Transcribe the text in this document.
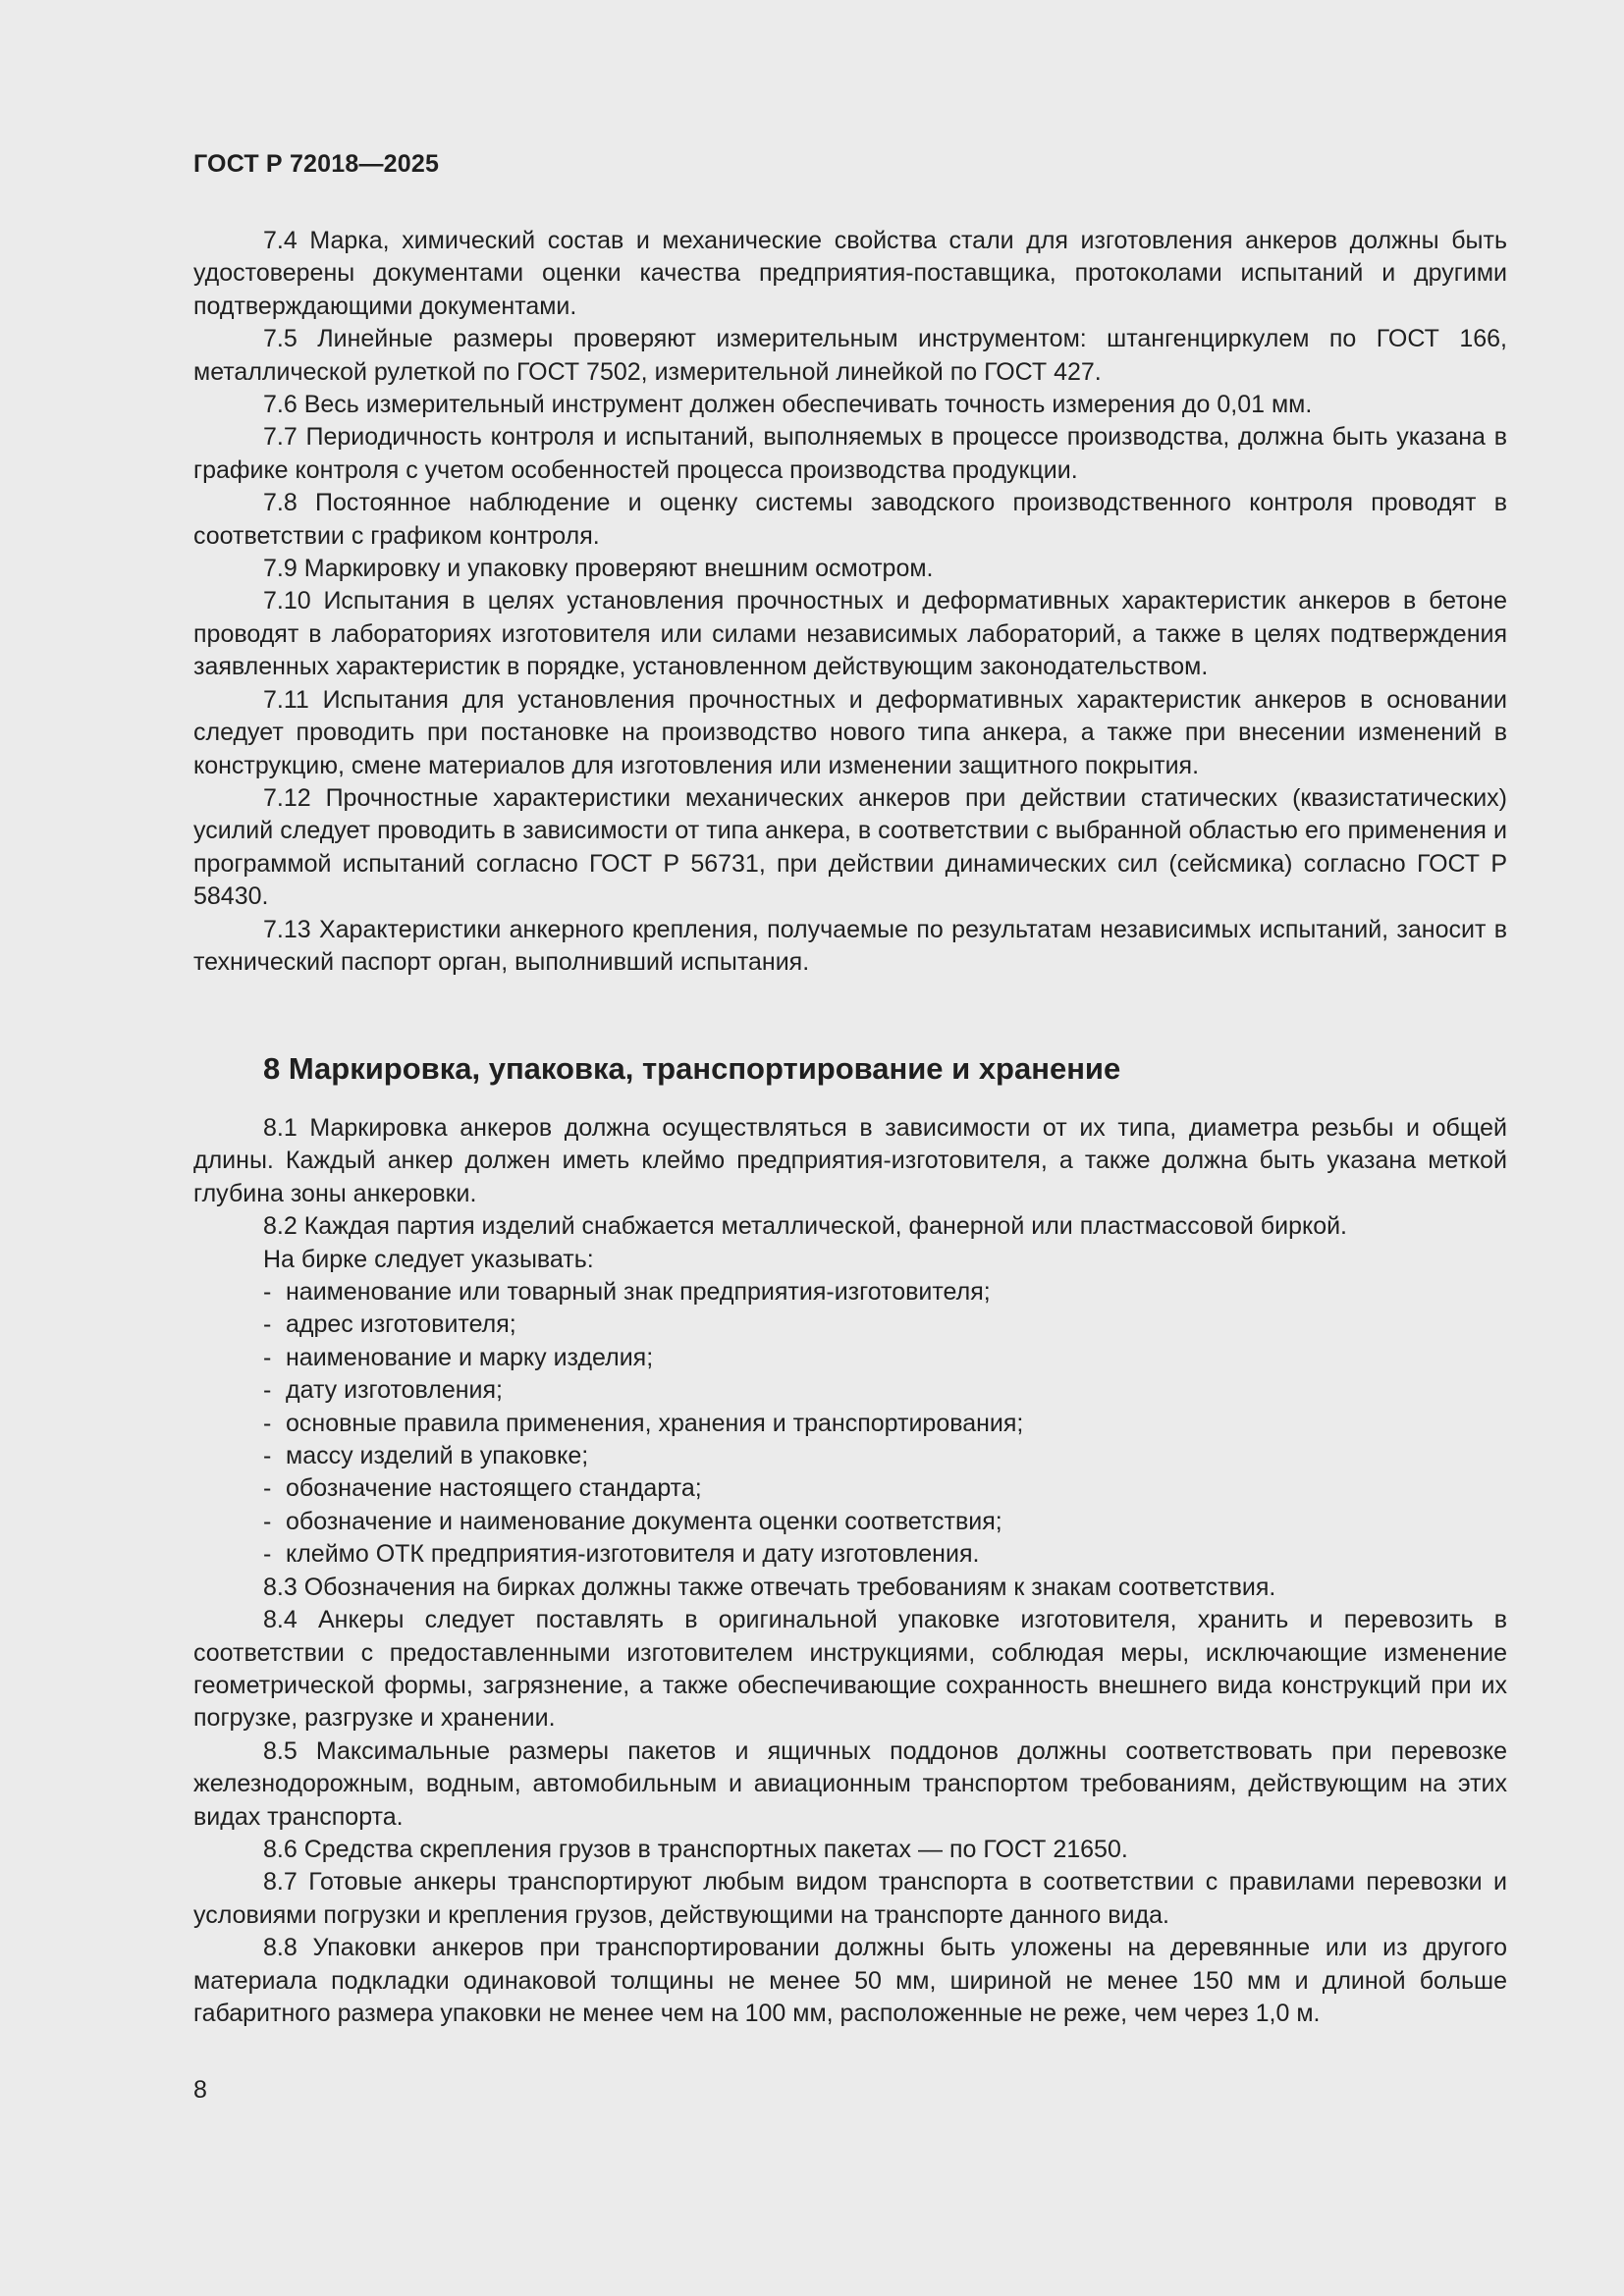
ГОСТ Р 72018—2025

7.4 Марка, химический состав и механические свойства стали для изготовления анкеров должны быть удостоверены документами оценки качества предприятия-поставщика, протоколами испытаний и другими подтверждающими документами.

7.5 Линейные размеры проверяют измерительным инструментом: штангенциркулем по ГОСТ 166, металлической рулеткой по ГОСТ 7502, измерительной линейкой по ГОСТ 427.

7.6 Весь измерительный инструмент должен обеспечивать точность измерения до 0,01 мм.

7.7 Периодичность контроля и испытаний, выполняемых в процессе производства, должна быть указана в графике контроля с учетом особенностей процесса производства продукции.

7.8 Постоянное наблюдение и оценку системы заводского производственного контроля проводят в соответствии с графиком контроля.

7.9 Маркировку и упаковку проверяют внешним осмотром.

7.10 Испытания в целях установления прочностных и деформативных характеристик анкеров в бетоне проводят в лабораториях изготовителя или силами независимых лабораторий, а также в целях подтверждения заявленных характеристик в порядке, установленном действующим законодательством.

7.11 Испытания для установления прочностных и деформативных характеристик анкеров в основании следует проводить при постановке на производство нового типа анкера, а также при внесении изменений в конструкцию, смене материалов для изготовления или изменении защитного покрытия.

7.12 Прочностные характеристики механических анкеров при действии статических (квазистатических) усилий следует проводить в зависимости от типа анкера, в соответствии с выбранной областью его применения и программой испытаний согласно ГОСТ Р 56731, при действии динамических сил (сейсмика) согласно ГОСТ Р 58430.

7.13 Характеристики анкерного крепления, получаемые по результатам независимых испытаний, заносит в технический паспорт орган, выполнивший испытания.

8 Маркировка, упаковка, транспортирование и хранение

8.1 Маркировка анкеров должна осуществляться в зависимости от их типа, диаметра резьбы и общей длины. Каждый анкер должен иметь клеймо предприятия-изготовителя, а также должна быть указана меткой глубина зоны анкеровки.

8.2 Каждая партия изделий снабжается металлической, фанерной или пластмассовой биркой.

На бирке следует указывать:

- наименование или товарный знак предприятия-изготовителя;

- адрес изготовителя;

- наименование и марку изделия;

- дату изготовления;

- основные правила применения, хранения и транспортирования;

- массу изделий в упаковке;

- обозначение настоящего стандарта;

- обозначение и наименование документа оценки соответствия;

- клеймо ОТК предприятия-изготовителя и дату изготовления.

8.3 Обозначения на бирках должны также отвечать требованиям к знакам соответствия.

8.4 Анкеры следует поставлять в оригинальной упаковке изготовителя, хранить и перевозить в соответствии с предоставленными изготовителем инструкциями, соблюдая меры, исключающие изменение геометрической формы, загрязнение, а также обеспечивающие сохранность внешнего вида конструкций при их погрузке, разгрузке и хранении.

8.5 Максимальные размеры пакетов и ящичных поддонов должны соответствовать при перевозке железнодорожным, водным, автомобильным и авиационным транспортом требованиям, действующим на этих видах транспорта.

8.6 Средства скрепления грузов в транспортных пакетах — по ГОСТ 21650.

8.7 Готовые анкеры транспортируют любым видом транспорта в соответствии с правилами перевозки и условиями погрузки и крепления грузов, действующими на транспорте данного вида.

8.8 Упаковки анкеров при транспортировании должны быть уложены на деревянные или из другого материала подкладки одинаковой толщины не менее 50 мм, шириной не менее 150 мм и длиной больше габаритного размера упаковки не менее чем на 100 мм, расположенные не реже, чем через 1,0 м.

8
